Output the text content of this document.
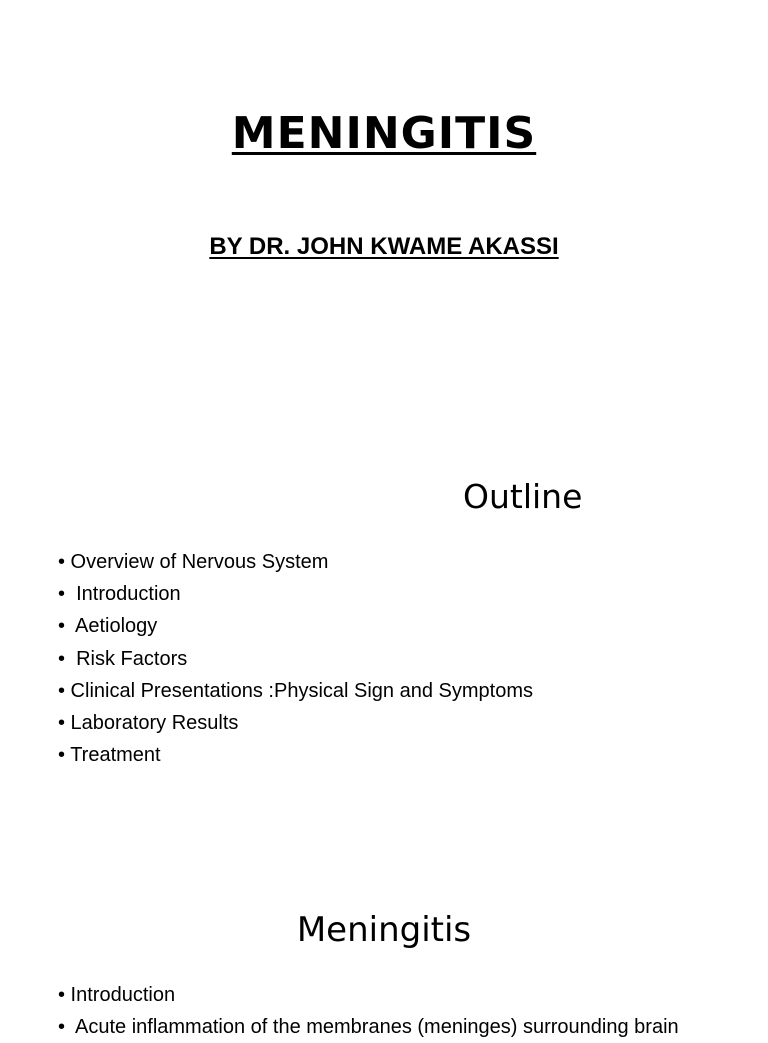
MENINGITIS
BY DR. JOHN KWAME AKASSI
Outline
• Overview of Nervous System
•  Introduction
•  Aetiology
•  Risk Factors
• Clinical Presentations :Physical Sign and Symptoms
• Laboratory Results
• Treatment
Meningitis
• Introduction
•  Acute inflammation of the membranes (meninges) surrounding brain
